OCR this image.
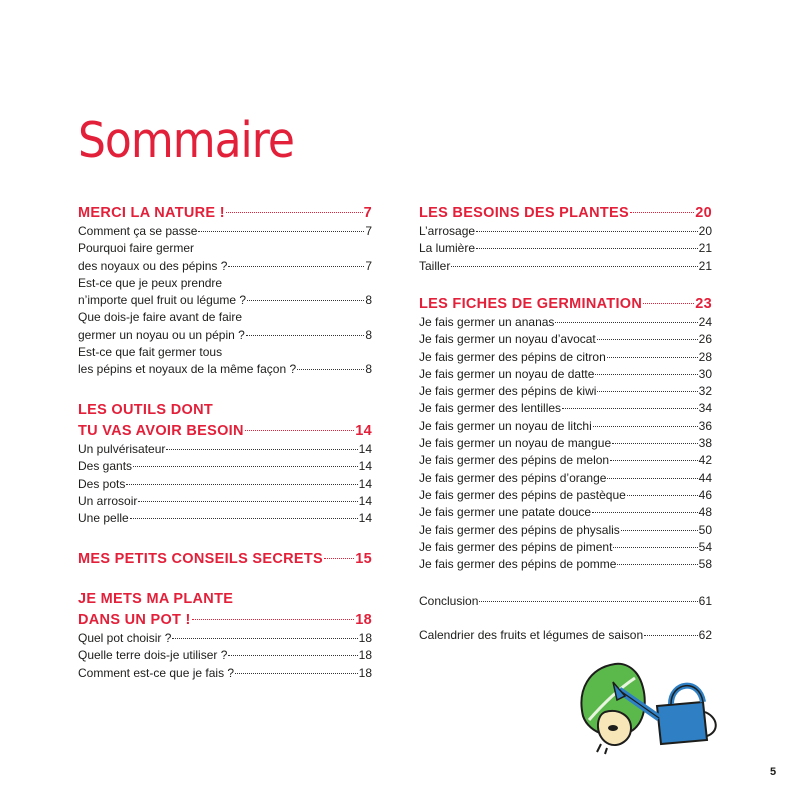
Sommaire
MERCI LA NATURE !	7
Comment ça se passe	7
Pourquoi faire germer
des noyaux ou des pépins ?	7
Est-ce que je peux prendre
n’importe quel fruit ou légume ?	8
Que dois-je faire avant de faire
germer un noyau ou un pépin ?	8
Est-ce que fait germer tous
les pépins et noyaux de la même façon ?	8
LES OUTILS DONT
TU VAS AVOIR BESOIN	14
Un pulvérisateur	14
Des gants	14
Des pots	14
Un arrosoir	14
Une pelle	14
MES PETITS CONSEILS SECRETS 15
JE METS MA PLANTE
DANS UN POT !	18
Quel pot choisir ?	18
Quelle terre dois-je utiliser ?	18
Comment est-ce que je fais ?	18
LES BESOINS DES PLANTES	20
L’arrosage	20
La lumière	21
Tailler	21
LES FICHES DE GERMINATION	23
Je fais germer un ananas	24
Je fais germer un noyau d’avocat	26
Je fais germer des pépins de citron	28
Je fais germer un noyau de datte	30
Je fais germer des pépins de kiwi	32
Je fais germer des lentilles	34
Je fais germer un noyau de litchi	36
Je fais germer un noyau de mangue	38
Je fais germer des pépins de melon	42
Je fais germer des pépins d’orange	44
Je fais germer des pépins de pastèque	46
Je fais germer une patate douce	48
Je fais germer des pépins de physalis	50
Je fais germer des pépins de piment	54
Je fais germer des pépins de pomme	58
Conclusion	61
Calendrier des fruits et légumes de saison	62
5
